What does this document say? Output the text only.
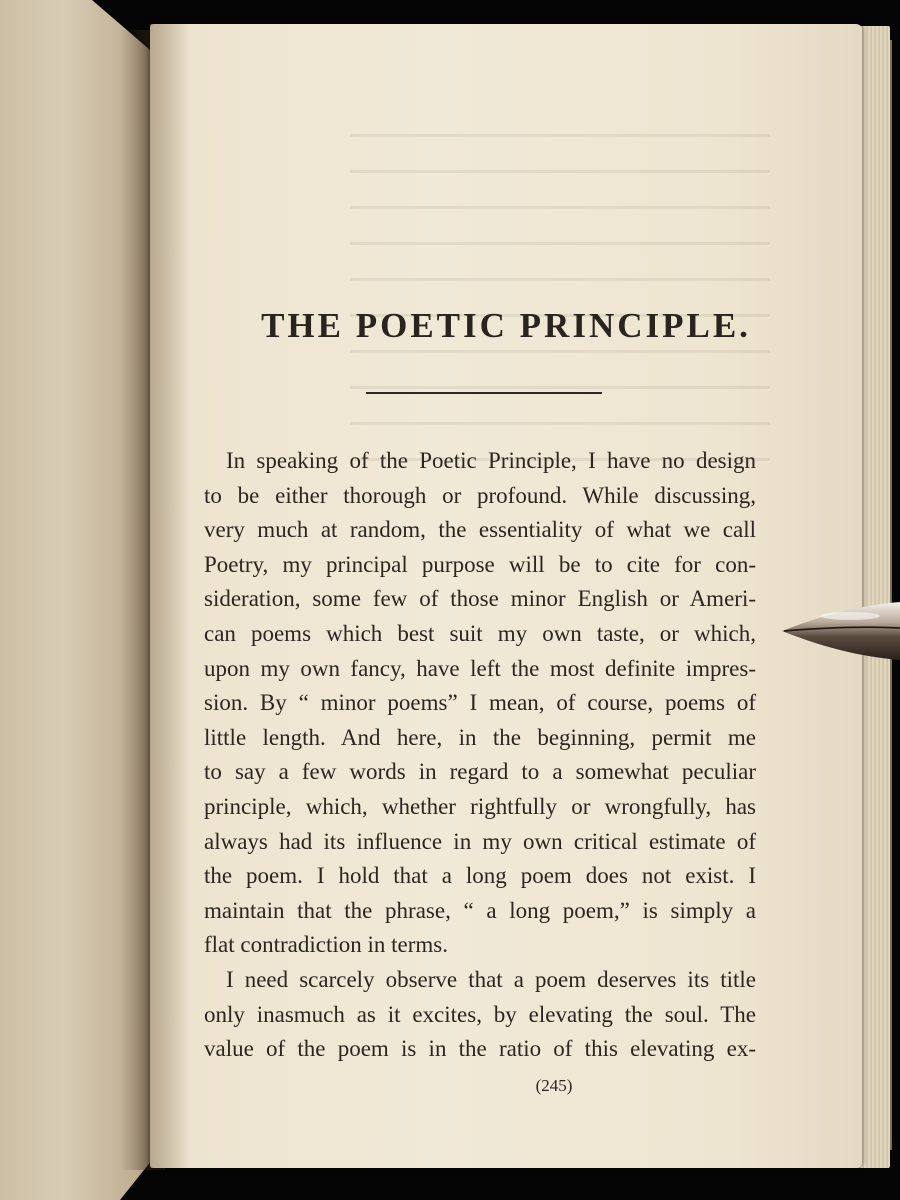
THE POETIC PRINCIPLE.
In speaking of the Poetic Principle, I have no design
to be either thorough or profound. While discussing,
very much at random, the essentiality of what we call
Poetry, my principal purpose will be to cite for con-
sideration, some few of those minor English or Ameri-
can poems which best suit my own taste, or which,
upon my own fancy, have left the most definite impres-
sion. By “ minor poems” I mean, of course, poems of
little length. And here, in the beginning, permit me
to say a few words in regard to a somewhat peculiar
principle, which, whether rightfully or wrongfully, has
always had its influence in my own critical estimate of
the poem. I hold that a long poem does not exist. I
maintain that the phrase, “ a long poem,” is simply a
flat contradiction in terms.
I need scarcely observe that a poem deserves its title
only inasmuch as it excites, by elevating the soul. The
value of the poem is in the ratio of this elevating ex-
(245)
